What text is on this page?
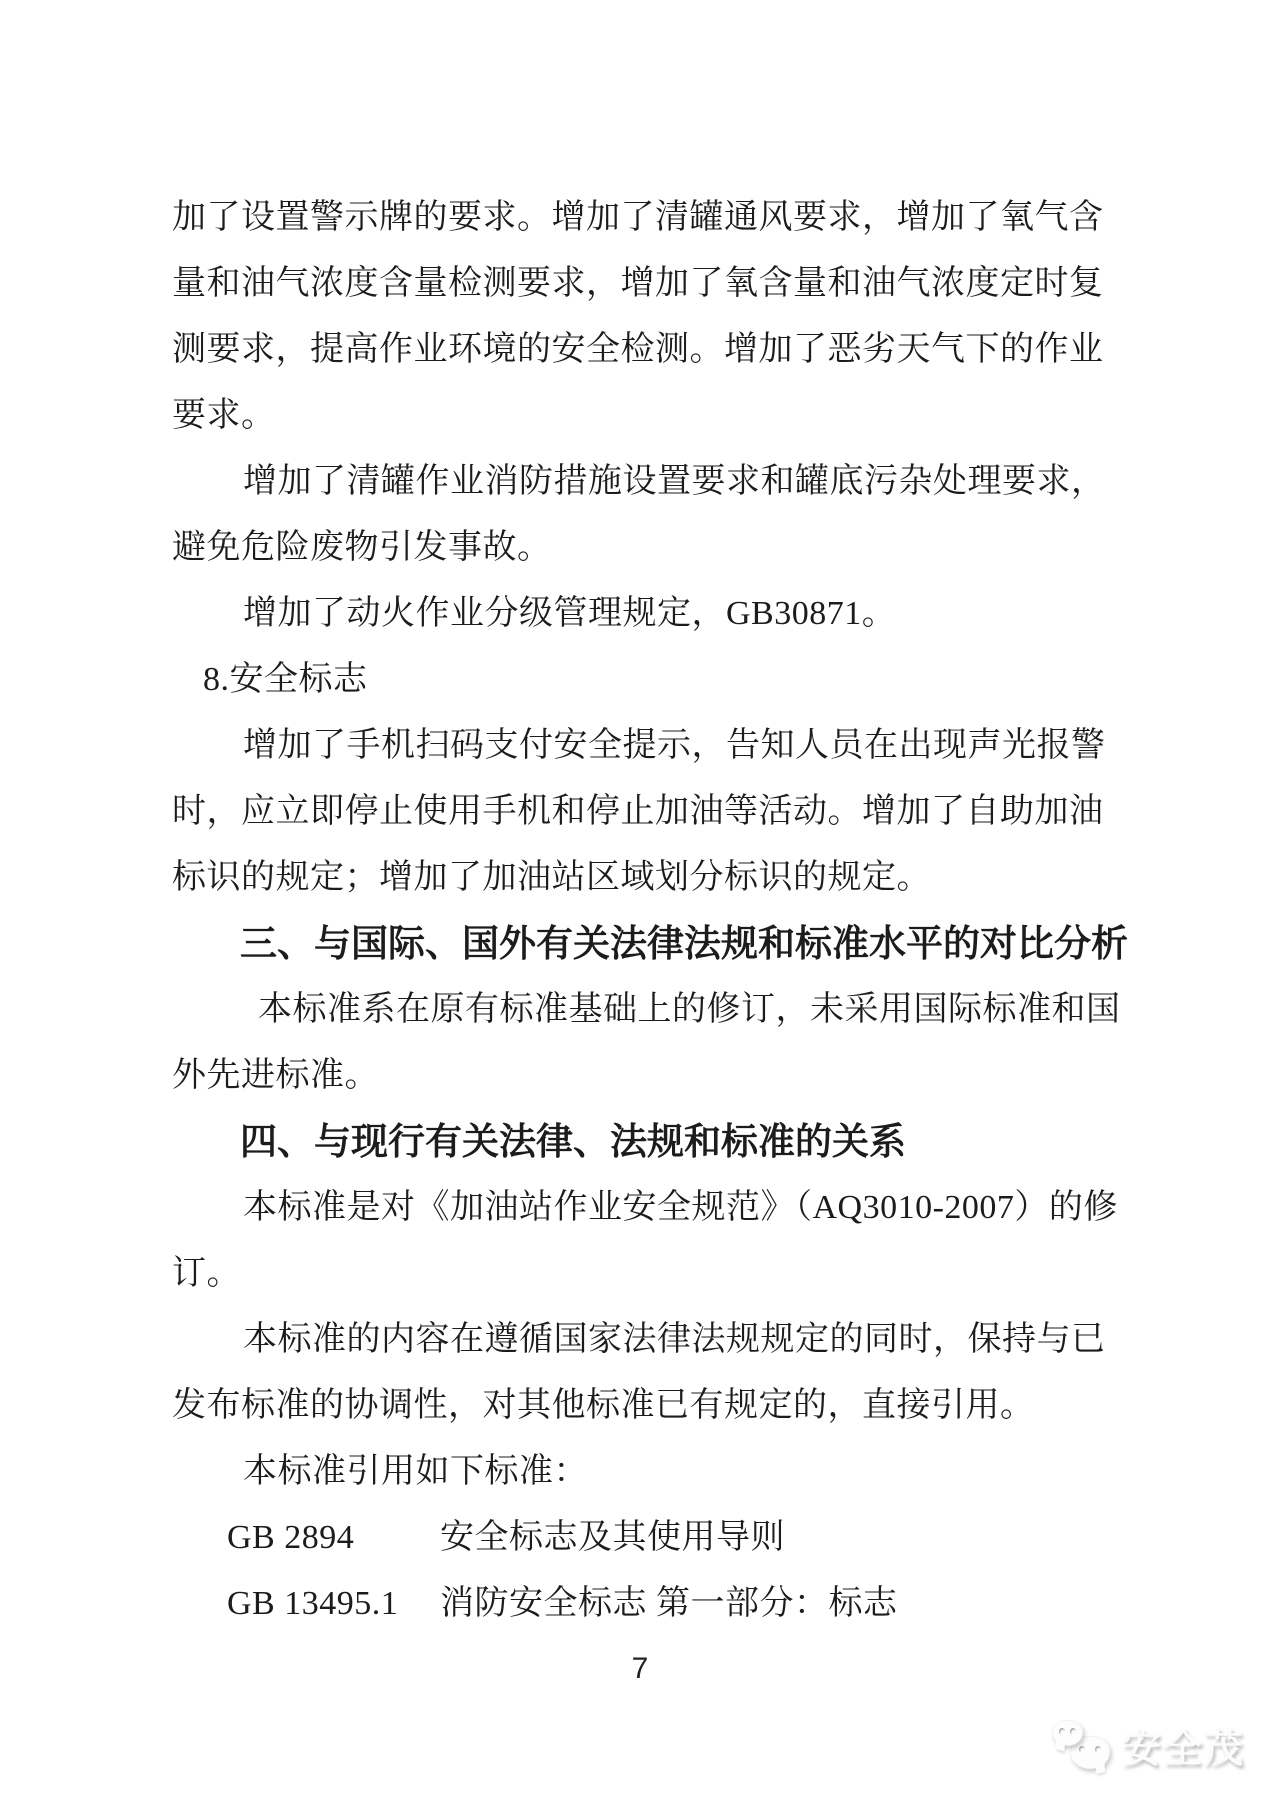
加了设置警示牌的要求。增加了清罐通风要求，增加了氧气含
量和油气浓度含量检测要求，增加了氧含量和油气浓度定时复
测要求，提高作业环境的安全检测。增加了恶劣天气下的作业
要求。
增加了清罐作业消防措施设置要求和罐底污杂处理要求，
避免危险废物引发事故。
增加了动火作业分级管理规定，GB30871。
8.安全标志
增加了手机扫码支付安全提示，告知人员在出现声光报警
时，应立即停止使用手机和停止加油等活动。增加了自助加油
标识的规定；增加了加油站区域划分标识的规定。
三、与国际、国外有关法律法规和标准水平的对比分析
本标准系在原有标准基础上的修订，未采用国际标准和国
外先进标准。
四、与现行有关法律、法规和标准的关系
本标准是对《加油站作业安全规范》（AQ3010-2007）的修
订。
本标准的内容在遵循国家法律法规规定的同时，保持与已
发布标准的协调性，对其他标准已有规定的，直接引用。
本标准引用如下标准：
GB 2894	安全标志及其使用导则
GB 13495.1 消防安全标志 第一部分：标志
7
安全茂
